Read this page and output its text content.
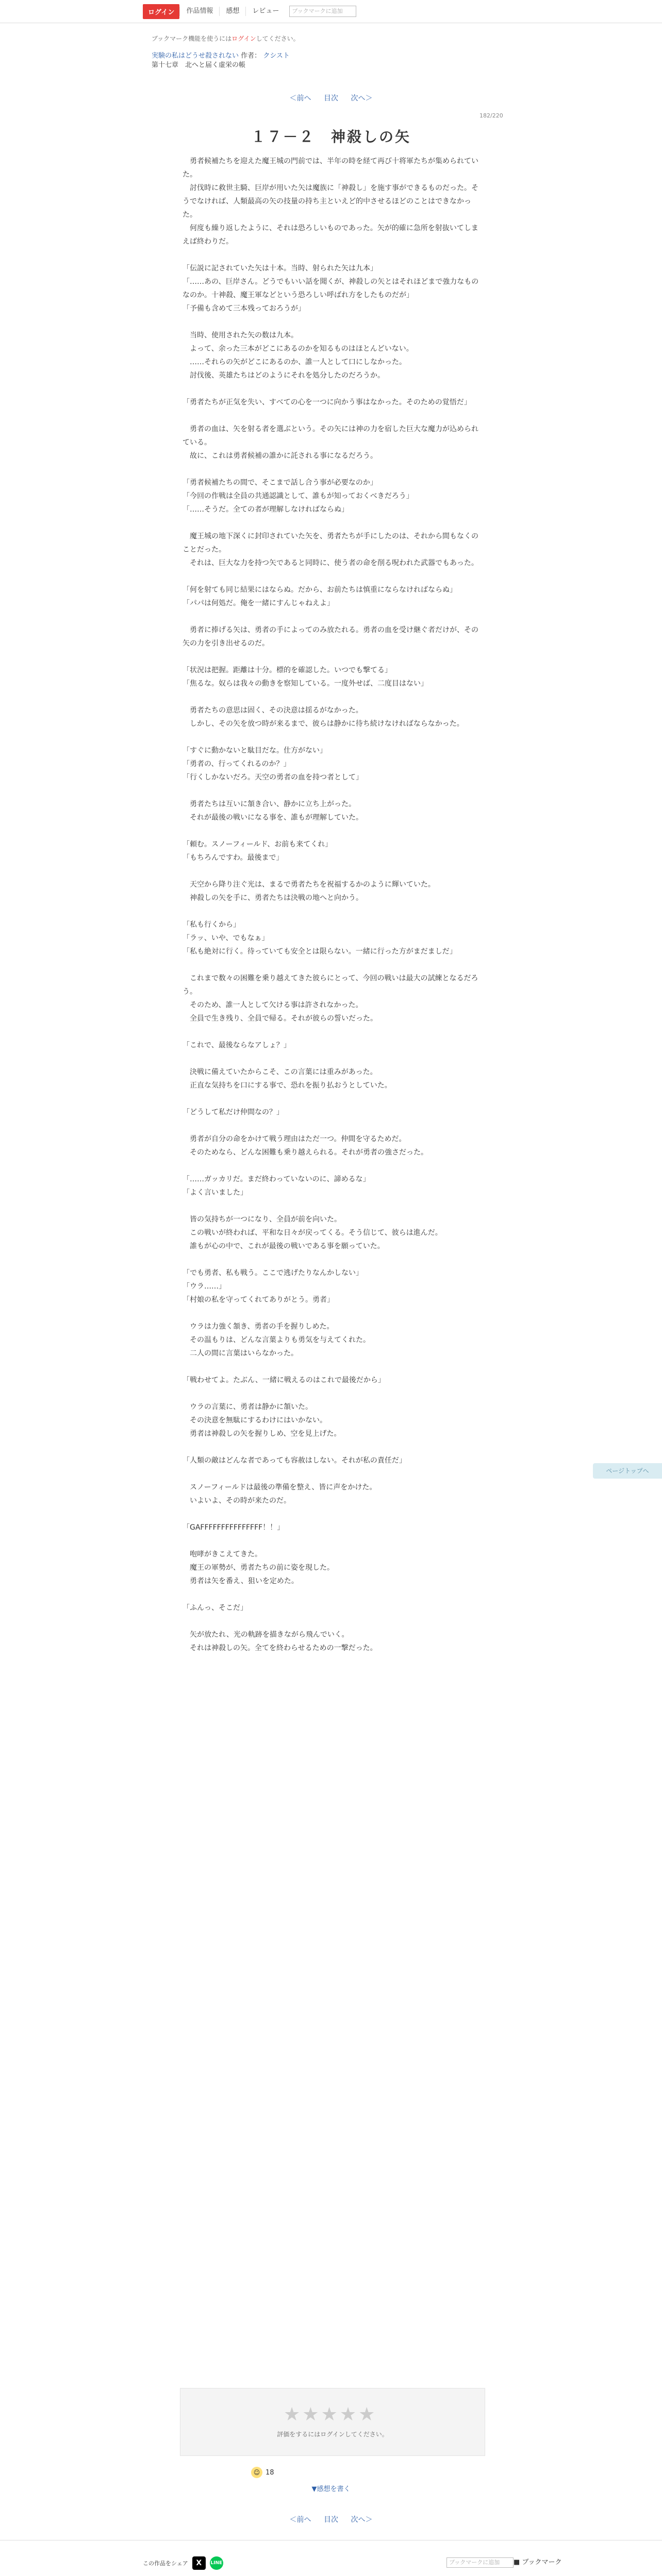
ログイン	作品情報	感想	レビュー	ブックマークに追加
ブックマーク機能を使うにはログインしてください。
実験の私はどうせ殺されない 作者： クシスト
第十七章　北へと届く虚栄の帳
＜前へ 目次 次へ＞
182/220
１７－２　神殺しの矢

　勇者候補たちを迎えた魔王城の門前では、半年の時を経て再び十将軍たちが集められていた。

　討伐時に救世主騎、巨岸が用いた矢は魔族に「神殺し」を施す事ができるものだった。そうでなければ、人類最高の矢の技量の持ち主といえど的中させるほどのことはできなかった。

　何度も繰り返したように、それは恐ろしいものであった。矢が的確に急所を射抜いてしまえば終わりだ。

「伝説に記されていた矢は十本。当時、射られた矢は九本」

「……あの、巨岸さん。どうでもいい話を聞くが、神殺しの矢とはそれほどまで強力なものなのか。十神殺、魔王軍などという恐ろしい呼ばれ方をしたものだが」

「予備も含めて三本残っておろうが」

　当時、使用された矢の数は九本。

　よって、余った三本がどこにあるのかを知るものはほとんどいない。

　……それらの矢がどこにあるのか、誰一人として口にしなかった。

　討伐後、英雄たちはどのようにそれを処分したのだろうか。

「勇者たちが正気を失い、すべての心を一つに向かう事はなかった。そのための覚悟だ」

　勇者の血は、矢を射る者を選ぶという。その矢には神の力を宿した巨大な魔力が込められている。

　故に、これは勇者候補の誰かに託される事になるだろう。

「勇者候補たちの間で、そこまで話し合う事が必要なのか」

「今回の作戦は全員の共通認識として、誰もが知っておくべきだろう」

「……そうだ。全ての者が理解しなければならぬ」

　魔王城の地下深くに封印されていた矢を、勇者たちが手にしたのは、それから間もなくのことだった。

　それは、巨大な力を持つ矢であると同時に、使う者の命を削る呪われた武器でもあった。

「何を射ても同じ結果にはならぬ。だから、お前たちは慎重にならなければならぬ」

「パパは何処だ。俺を一緒にすんじゃねえよ」

　勇者に捧げる矢は、勇者の手によってのみ放たれる。勇者の血を受け継ぐ者だけが、その矢の力を引き出せるのだ。

「状況は把握。距離は十分。標的を確認した。いつでも撃てる」

「焦るな。奴らは我々の動きを察知している。一度外せば、二度目はない」

　勇者たちの意思は固く、その決意は揺るがなかった。

　しかし、その矢を放つ時が来るまで、彼らは静かに待ち続けなければならなかった。

「すぐに動かないと駄目だな。仕方がない」

「勇者の、行ってくれるのか？」

「行くしかないだろ。天空の勇者の血を持つ者として」

　勇者たちは互いに頷き合い、静かに立ち上がった。

　それが最後の戦いになる事を、誰もが理解していた。

「頼む。スノーフィールド、お前も来てくれ」

「もちろんですわ。最後まで」

　天空から降り注ぐ光は、まるで勇者たちを祝福するかのように輝いていた。

　神殺しの矢を手に、勇者たちは決戦の地へと向かう。

「私も行くから」

「ラッ、いや、でもなぁ」

「私も絶対に行く。待っていても安全とは限らない。一緒に行った方がまだましだ」

　これまで数々の困難を乗り越えてきた彼らにとって、今回の戦いは最大の試練となるだろう。

　そのため、誰一人として欠ける事は許されなかった。

　全員で生き残り、全員で帰る。それが彼らの誓いだった。

「これで、最後ならなアしょ？」

　決戦に備えていたからこそ、この言葉には重みがあった。

　正直な気持ちを口にする事で、恐れを振り払おうとしていた。

「どうして私だけ仲間なの？」

　勇者が自分の命をかけて戦う理由はただ一つ。仲間を守るためだ。

　そのためなら、どんな困難も乗り越えられる。それが勇者の強さだった。

「……ガッカリだ。まだ終わっていないのに、諦めるな」

「よく言いました」

　皆の気持ちが一つになり、全員が前を向いた。

　この戦いが終われば、平和な日々が戻ってくる。そう信じて、彼らは進んだ。

　誰もが心の中で、これが最後の戦いである事を願っていた。

「でも勇者、私も戦う。ここで逃げたりなんかしない」

「ウラ……」

「村娘の私を守ってくれてありがとう。勇者」

　ウラは力強く頷き、勇者の手を握りしめた。

　その温もりは、どんな言葉よりも勇気を与えてくれた。

　二人の間に言葉はいらなかった。

「戦わせてよ。たぶん、一緒に戦えるのはこれで最後だから」

　ウラの言葉に、勇者は静かに頷いた。

　その決意を無駄にするわけにはいかない。

　勇者は神殺しの矢を握りしめ、空を見上げた。

「人類の敵はどんな者であっても容赦はしない。それが私の責任だ」

　スノーフィールドは最後の準備を整え、皆に声をかけた。

　いよいよ、その時が来たのだ。

「GAFFFFFFFFFFFFFFF！！」

　咆哮がきこえてきた。

　魔王の軍勢が、勇者たちの前に姿を現した。

　勇者は矢を番え、狙いを定めた。

「ふんっ、そこだ」

　矢が放たれ、光の軌跡を描きながら飛んでいく。

　それは神殺しの矢。全てを終わらせるための一撃だった。

ページトップへ
★★★★★
評価をするにはログインしてください。
☺ 18
▼感想を書く
＜前へ 目次 次へ＞
この作品をシェア	X	LINE	ブックマークに追加	■ ブックマーク
